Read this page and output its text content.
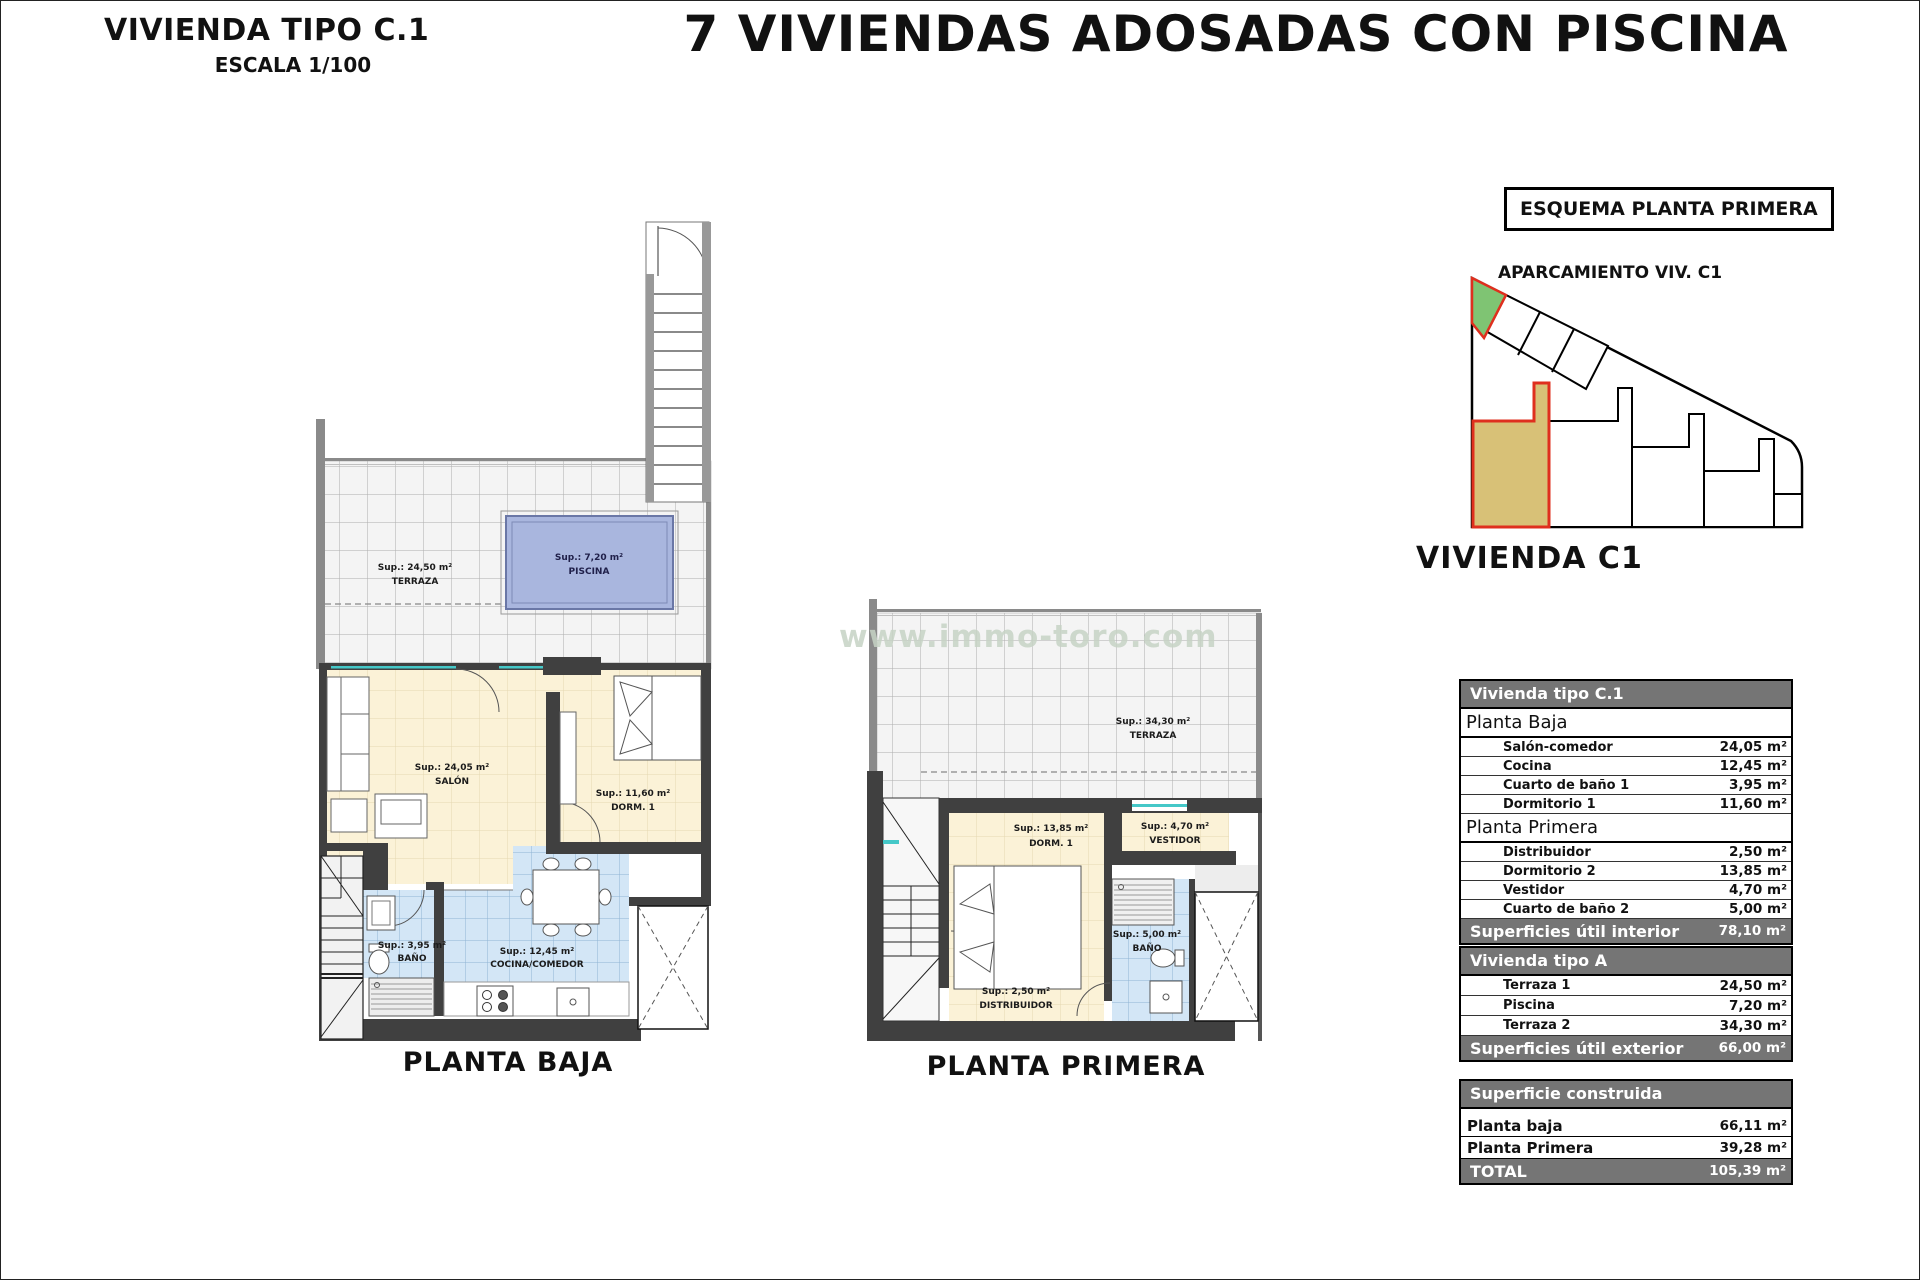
VIVIENDA TIPO C.1
ESCALA 1/100
7 VIVIENDAS ADOSADAS CON PISCINA
www.immo-toro.com
Sup.: 7,20 m²
PISCINA
Sup.: 24,50 m²
TERRAZA
Sup.: 24,05 m²
SALÓN
Sup.: 11,60 m²
DORM. 1
Sup.: 3,95 m²
BAÑO
Sup.: 12,45 m²
COCINA/COMEDOR
Sup.: 34,30 m²
TERRAZA
Sup.: 13,85 m²
DORM. 1
Sup.: 4,70 m²
VESTIDOR
Sup.: 5,00 m²
BAÑO
Sup.: 2,50 m²
DISTRIBUIDOR
PLANTA BAJA	PLANTA PRIMERA
ESQUEMA PLANTA PRIMERA
APARCAMIENTO VIV. C1
VIVIENDA C1
Vivienda tipo C.1
Planta Baja
Salón-comedor	24,05 m²
Cocina	12,45 m²
Cuarto de baño 1	3,95 m²
Dormitorio 1	11,60 m²
Planta Primera
Distribuidor	2,50 m²
Dormitorio 2	13,85 m²
Vestidor	4,70 m²
Cuarto de baño 2	5,00 m²
Superficies útil interior	78,10 m²
Vivienda tipo A
Terraza 1	24,50 m²
Piscina	7,20 m²
Terraza 2	34,30 m²
Superficies útil exterior	66,00 m²
Superficie construida
Planta baja	66,11 m²
Planta Primera	39,28 m²
TOTAL	105,39 m²
